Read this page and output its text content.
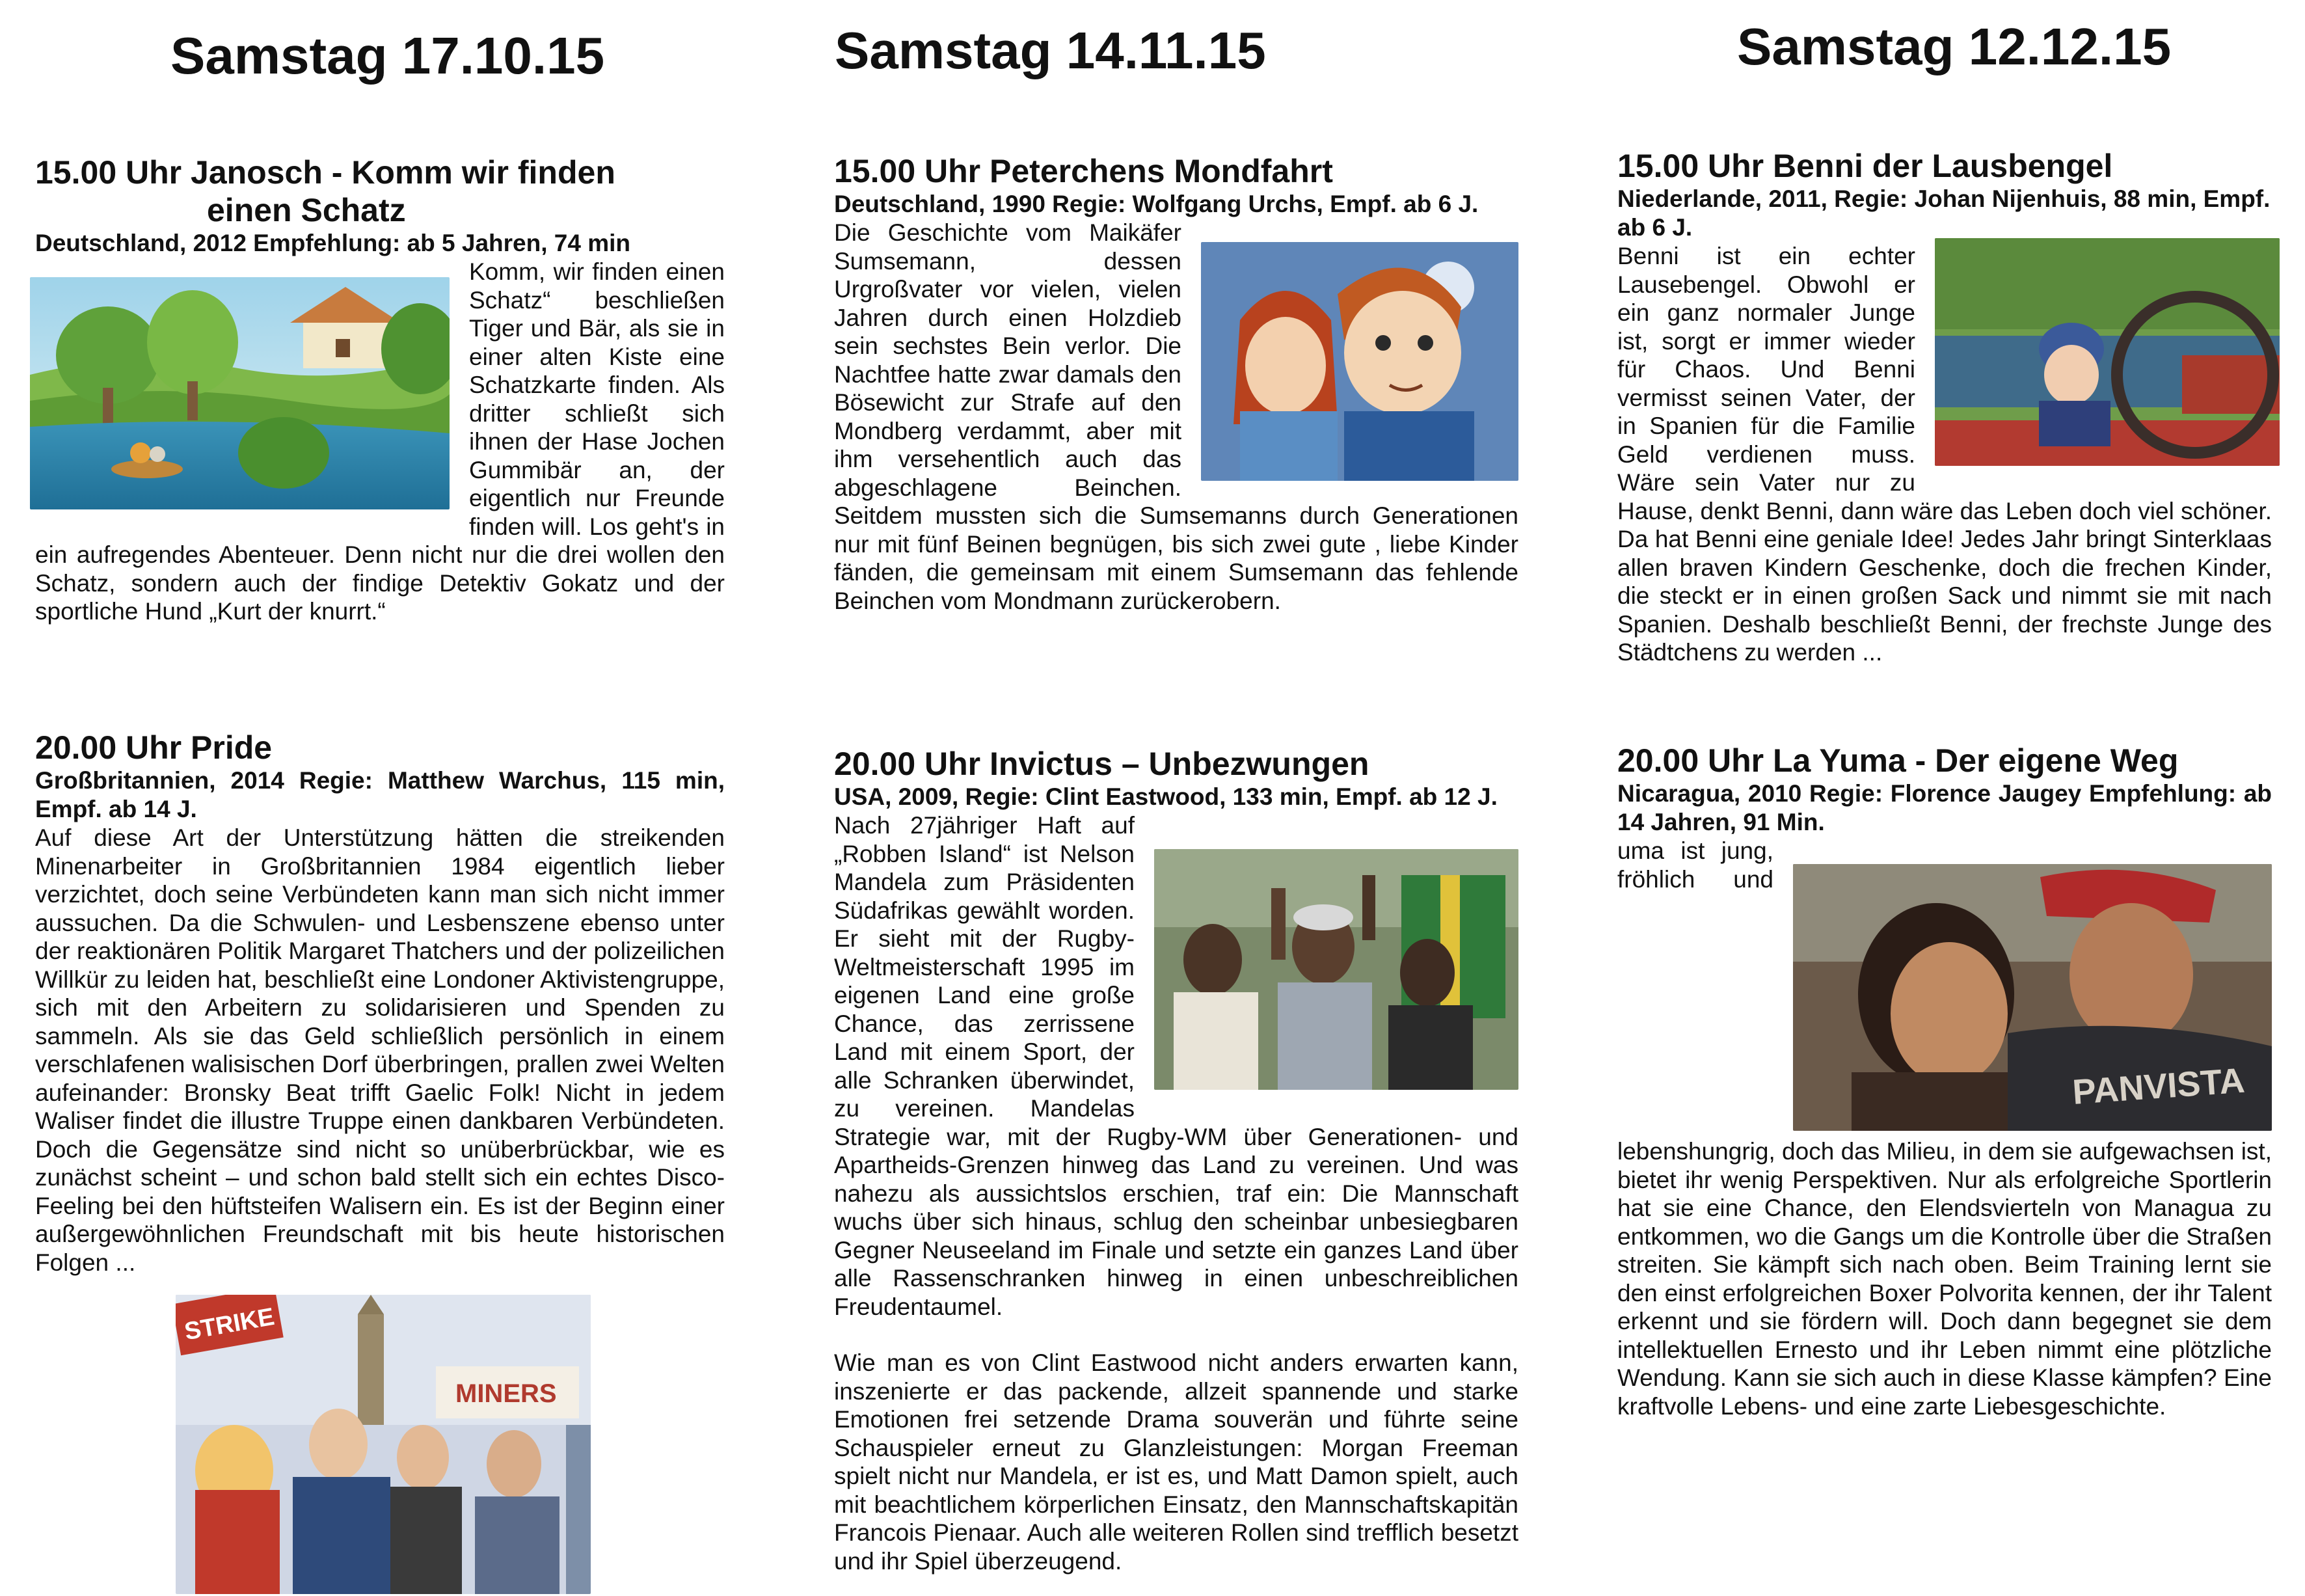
Samstag 17.10.15

15.00 Uhr Janosch - Komm wir finden

einen Schatz

Deutschland, 2012 Empfehlung: ab 5 Jahren, 74 min

Komm, wir finden einen Schatz“ beschließen Tiger und Bär, als sie in einer alten Kiste eine Schatzkarte finden. Als dritter schließt sich ihnen der Hase Jochen Gummibär an, der eigentlich nur Freunde finden will. Los geht's in ein aufregendes Abenteuer. Denn nicht nur die drei wollen den Schatz, sondern auch der findige Detektiv Gokatz und der sportliche Hund „Kurt der knurrt.“

20.00 Uhr Pride

Großbritannien, 2014 Regie: Matthew Warchus, 115 min, Empf. ab 14 J.

Auf diese Art der Unterstützung hätten die streikenden Minenarbeiter in Großbritannien 1984 eigentlich lieber verzichtet, doch seine Verbündeten kann man sich nicht immer aussuchen. Da die Schwulen- und Lesbenszene ebenso unter der reaktionären Politik Margaret Thatchers und der polizeilichen Willkür zu leiden hat, beschließt eine Londoner Aktivistengruppe, sich mit den Arbeitern zu solidarisieren und Spenden zu sammeln. Als sie das Geld schließlich persönlich in einem verschlafenen walisischen Dorf überbringen, prallen zwei Welten aufeinander: Bronsky Beat trifft Gaelic Folk! Nicht in jedem Waliser findet die illustre Truppe einen dankbaren Verbündeten. Doch die Gegensätze sind nicht so unüberbrückbar, wie es zunächst scheint – und schon bald stellt sich ein echtes Disco-Feeling bei den hüftsteifen Walisern ein. Es ist der Beginn einer außergewöhnlichen Freundschaft mit bis heute historischen Folgen ...

STRIKE
MINERS
Samstag 14.11.15

15.00 Uhr Peterchens Mondfahrt

Deutschland, 1990 Regie: Wolfgang Urchs, Empf. ab 6 J.

Die Geschichte vom Maikäfer Sumsemann, dessen Urgroßvater vor vielen, vielen Jahren durch einen Holzdieb sein sechstes Bein verlor. Die Nachtfee hatte zwar damals den Bösewicht zur Strafe auf den Mondberg verdammt, aber mit ihm versehentlich auch das abgeschlagene Beinchen. Seitdem mussten sich die Sumsemanns durch Generationen nur mit fünf Beinen begnügen, bis sich zwei gute , liebe Kinder fänden, die gemeinsam mit einem Sumsemann das fehlende Beinchen vom Mondmann zurückerobern.

20.00 Uhr Invictus – Unbezwungen

USA, 2009, Regie: Clint Eastwood, 133 min, Empf. ab 12 J.

Nach 27jähriger Haft auf „Robben Island“ ist Nelson Mandela zum Präsidenten Südafrikas gewählt worden. Er sieht mit der Rugby-Weltmeisterschaft 1995 im eigenen Land eine große Chance, das zerrissene Land mit einem Sport, der alle Schranken überwindet, zu vereinen. Mandelas Strategie war, mit der Rugby-WM über Generationen- und Apartheids-Grenzen hinweg das Land zu vereinen. Und was nahezu als aussichtslos erschien, traf ein: Die Mannschaft wuchs über sich hinaus, schlug den scheinbar unbesiegbaren Gegner Neuseeland im Finale und setzte ein ganzes Land über alle Rassenschranken hinweg in einen unbeschreiblichen Freudentaumel.

Wie man es von Clint Eastwood nicht anders erwarten kann, inszenierte er das packende, allzeit spannende und starke Emotionen frei setzende Drama souverän und führte seine Schauspieler erneut zu Glanzleistungen: Morgan Freeman spielt nicht nur Mandela, er ist es, und Matt Damon spielt, auch mit beachtlichem körperlichen Einsatz, den Mannschaftskapitän Francois Pienaar. Auch alle weiteren Rollen sind trefflich besetzt und ihr Spiel überzeugend.

Samstag 12.12.15

15.00 Uhr Benni der Lausbengel

Niederlande, 2011, Regie: Johan Nijenhuis, 88 min, Empf. ab 6 J.

Benni ist ein echter Lausebengel. Obwohl er ein ganz normaler Junge ist, sorgt er immer wieder für Chaos. Und Benni vermisst seinen Vater, der in Spanien für die Familie Geld verdienen muss. Wäre sein Vater nur zu Hause, denkt Benni, dann wäre das Leben doch viel schöner. Da hat Benni eine geniale Idee! Jedes Jahr bringt Sinterklaas allen braven Kindern Geschenke, doch die frechen Kinder, die steckt er in einen großen Sack und nimmt sie mit nach Spanien. Deshalb beschließt Benni, der frechste Junge des Städtchens zu werden ...

20.00 Uhr La Yuma - Der eigene Weg

Nicaragua, 2010 Regie: Florence Jaugey Empfehlung: ab 14 Jahren, 91 Min.

PANVISTA

uma ist jung, fröhlich und lebenshungrig, doch das Milieu, in dem sie aufgewachsen ist, bietet ihr wenig Perspektiven. Nur als erfolgreiche Sportlerin hat sie eine Chance, den Elendsvierteln von Managua zu entkommen, wo die Gangs um die Kontrolle über die Straßen streiten. Sie kämpft sich nach oben. Beim Training lernt sie den einst erfolgreichen Boxer Polvorita kennen, der ihr Talent erkennt und sie fördern will. Doch dann begegnet sie dem intellektuellen Ernesto und ihr Leben nimmt eine plötzliche Wendung. Kann sie sich auch in diese Klasse kämpfen? Eine kraftvolle Lebens- und eine zarte Liebesgeschichte.
